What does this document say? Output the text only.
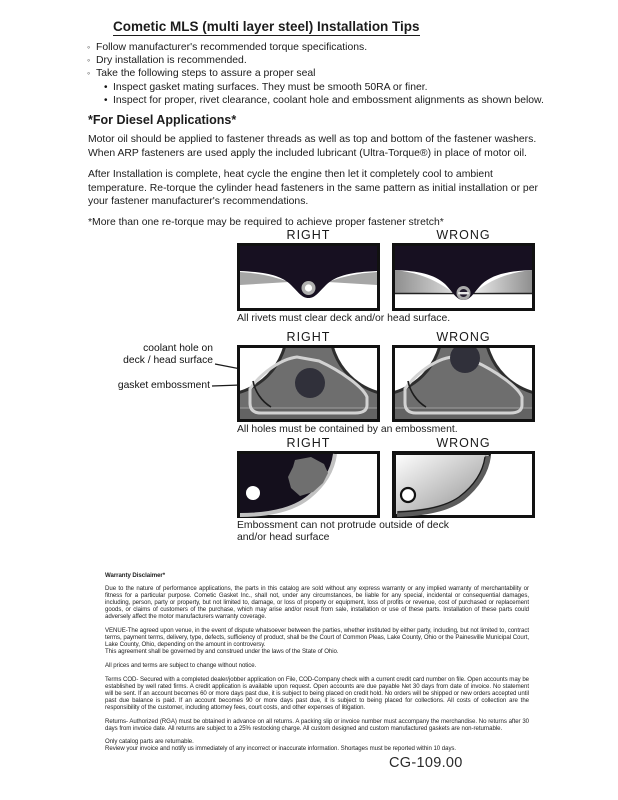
Cometic MLS (multi layer steel) Installation Tips
◦ Follow manufacturer's recommended torque specifications.
◦ Dry installation is recommended.
◦ Take the following steps to assure a proper seal
• Inspect gasket mating surfaces. They must be smooth 50RA or finer.
• Inspect for proper, rivet clearance, coolant hole and embossment alignments as shown below.
*For Diesel Applications*

Motor oil should be applied to fastener threads as well as top and bottom of the fastener washers. When ARP fasteners are used apply the included lubricant (Ultra-Torque®) in place of motor oil.

After Installation is complete, heat cycle the engine then let it completely cool to ambient temperature. Re-torque the cylinder head fasteners in the same pattern as initial installation or per your fastener manufacturer's recommendations.

*More than one re-torque may be required to achieve proper fastener stretch*

RIGHT	WRONG
All rivets must clear deck and/or head surface.
coolant hole on
deck / head surface
gasket embossment
RIGHT	WRONG
All holes must be contained by an embossment.
RIGHT	WRONG
Embossment can not protrude outside of deck
and/or head surface

Warranty Disclaimer*

Due to the nature of performance applications, the parts in this catalog are sold without any express warranty or any implied warranty of merchantability or fitness for a particular purpose. Cometic Gasket Inc., shall not, under any circumstances, be liable for any special, incidental or consequential damages, including, person, party or property, but not limited to, damage, or loss of property or equipment, loss of profits or revenue, cost of purchased or replacement goods, or claims of customers of the purchase, which may arise and/or result from sale, installation or use of these parts. Installation of these parts could adversely affect the motor manufacturers warranty coverage.

VENUE-The agreed upon venue, in the event of dispute whatsoever between the parties, whether instituted by either party, including, but not limited to, contract terms, payment terms, delivery, type, defects, sufficiency of product, shall be the Court of Common Pleas, Lake County, Ohio or the Painesville Municipal Court, Lake County, Ohio, depending on the amount in controversy.

This agreement shall be governed by and construed under the laws of the State of Ohio.

All prices and terms are subject to change without notice.

Terms COD- Secured with a completed dealer/jobber application on File, COD-Company check with a current credit card number on file. Open accounts may be established by well rated firms. A credit application is available upon request. Open accounts are due payable Net 30 days from date of invoice. No statement will be sent. If an account becomes 60 or more days past due, it is subject to being placed on credit hold. No orders will be shipped or new orders accepted until past due balance is paid. If an account becomes 90 or more days past due, it is subject to being placed for collections. All costs of collection are the responsibility of the customer, including attorney fees, court costs, and other expenses of litigation.

Returns- Authorized (RGA) must be obtained in advance on all returns. A packing slip or invoice number must accompany the merchandise. No returns after 30 days from invoice date. All returns are subject to a 25% restocking charge. All custom designed and custom manufactured gaskets are non-returnable.

Only catalog parts are returnable.

Review your invoice and notify us immediately of any incorrect or inaccurate information. Shortages must be reported within 10 days.

CG-109.00
